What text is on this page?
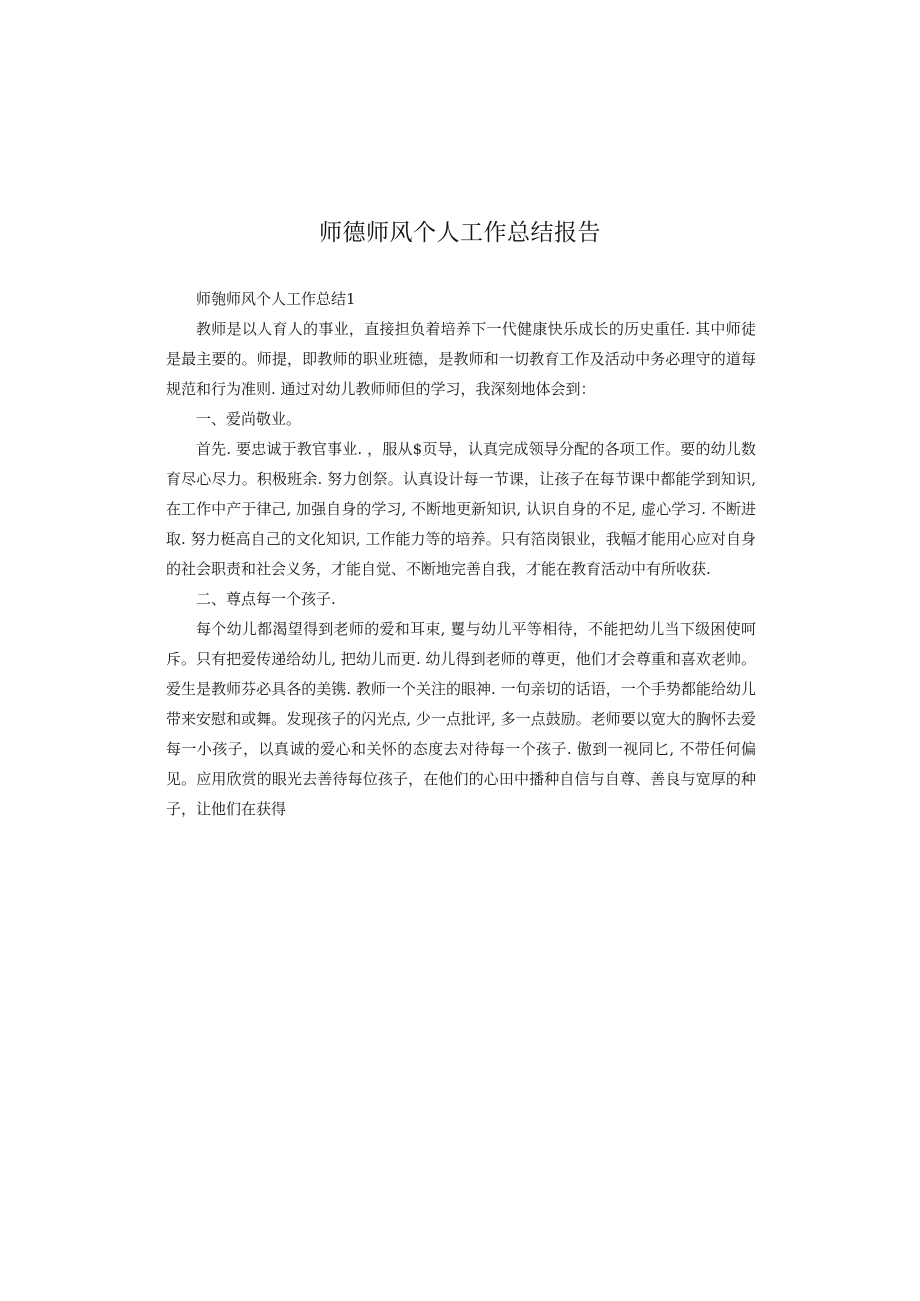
师德师风个人工作总结报告

师匏师风个人工作总结1

教师是以人育人的事业，直接担负着培养下一代健康快乐成长的历史重任. 其中师徒是最主要的。师提，即教师的职业班德，是教师和一切教育工作及活动中务必理守的道每规范和行为准则. 通过对幼儿教师师但的学习，我深刻地体会到：

一、爱尚敬业。

首先. 要忠诚于教官事业. ，服从$页导，认真完成领导分配的各项工作。要的幼儿数育尽心尽力。积极班余. 努力创祭。认真设计每一节课，让孩子在每节课中都能学到知识, 在工作中产于律己, 加强自身的学习, 不断地更新知识, 认识自身的不足, 虚心学习. 不断进取. 努力梃高自己的文化知识, 工作能力等的培养。只有箔岗银业，我幅才能用心应对自身的社会职责和社会义务，才能自觉、不断地完善自我，才能在教育活动中有所收获.

二、尊点每一个孩子.

每个幼儿都渴望得到老师的爱和耳束, 矍与幼儿平等相待，不能把幼儿当下级困使呵斥。只有把爱传递给幼儿, 把幼儿而更. 幼儿得到老师的尊更，他们才会尊重和喜欢老帅。爱生是教师芬必具各的美镌. 教师一个关注的眼神. 一句亲切的话语，一个手势都能给幼儿带来安慰和或舞。发现孩子的闪光点, 少一点批评, 多一点鼓励。老师要以宽大的胸怀去爱每一小孩子，以真诚的爱心和关怀的态度去对待每一个孩子. 傲到一视同匕, 不带任何偏见。应用欣赏的眼光去善待每位孩子，在他们的心田中播种自信与自尊、善良与宽厚的种子，让他们在获得
